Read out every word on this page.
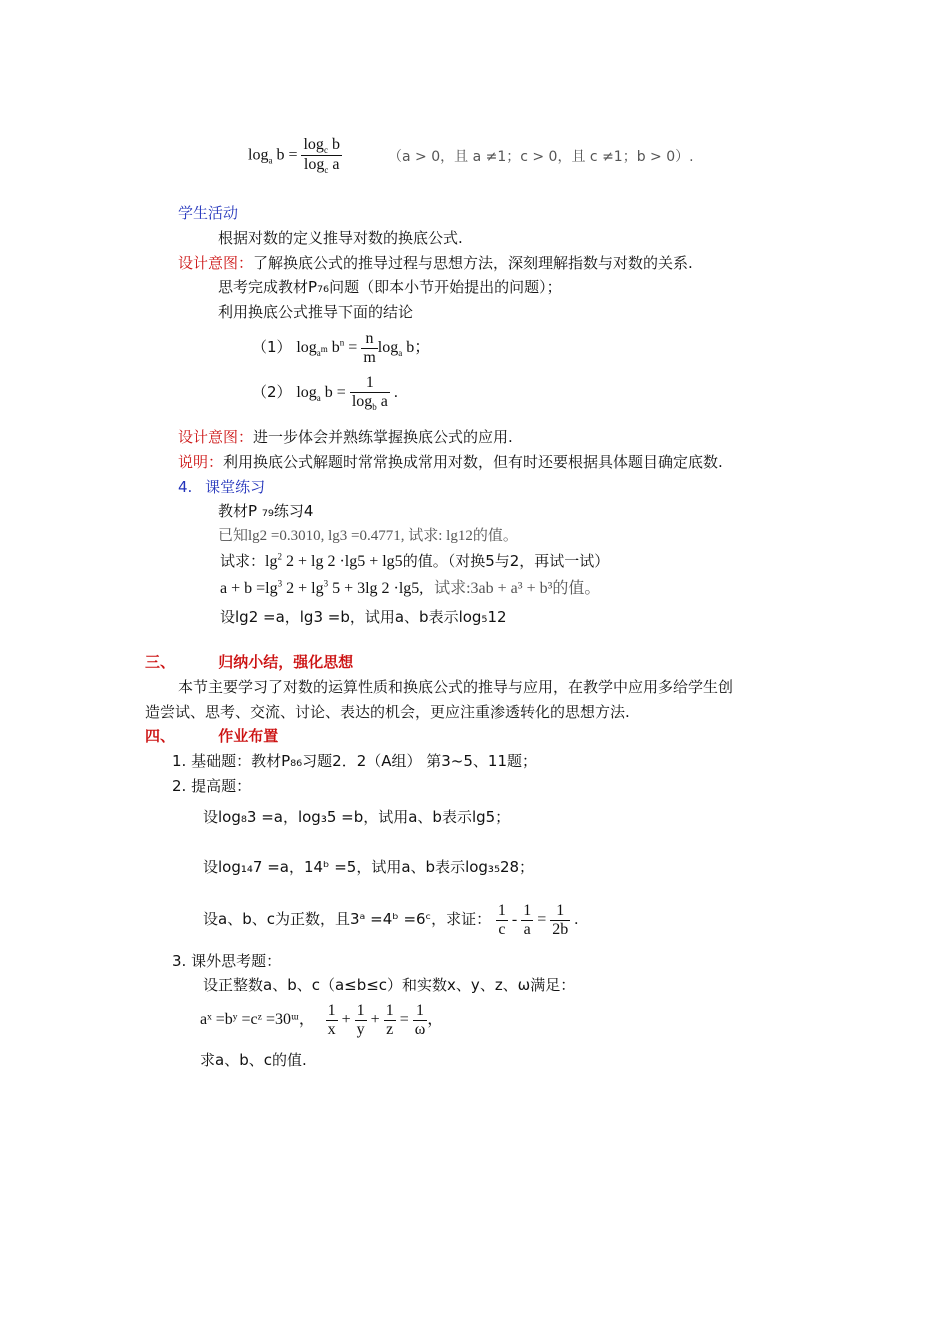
$\log_a b = \frac{\log_c b}{\log_c a}$	（a > 0，且 a ≠1；c > 0，且 c ≠1；b > 0）.
学生活动
根据对数的定义推导对数的换底公式.
设计意图：了解换底公式的推导过程与思想方法，深刻理解指数与对数的关系.
思考完成教材P₇₆问题（即本小节开始提出的问题）；
利用换底公式推导下面的结论
（1） $\log_{a^m} b^n = \frac{n}{m} \log_a b$；
（2） $\log_a b = \frac{1}{\log_b a}$ .
设计意图：进一步体会并熟练掌握换底公式的应用.
说明：利用换底公式解题时常常换成常用对数，但有时还要根据具体题目确定底数.
4. 课堂练习
教材P ₇₉练习4
已知lg2 =0.3010, lg3 =0.4771, 试求: lg12的值。
试求：$\lg^2 2 + \lg 2 \cdot\lg 5 + \lg 5$的值。（对换5与2，再试一试）
$a + b =\lg^3$ $2 + \lg^3 5 + 3\lg$ 2 ·lg5, 试求:3ab + a³ + b³的值。
设lg2 =a，lg3 =b，试用a、b表示log₅12
三、	归纳小结，强化思想
本节主要学习了对数的运算性质和换底公式的推导与应用，在教学中应用多给学生创
造尝试、思考、交流、讨论、表达的机会，更应注重渗透转化的思想方法.
四、	作业布置
1. 基础题：教材P₈₆习题2．2（A组） 第3~5、11题；
2. 提高题：
设log₈3 =a，log₃5 =b，试用a、b表示lg5；
设log₁₄7 =a，14ᵇ =5，试用a、b表示log₃₅28；
设a、b、c为正数，且3ᵃ =4ᵇ =6ᶜ，求证： $\frac{1}{c} - \frac{1}{a} = \frac{1}{2b}$ .
3. 课外思考题：
设正整数a、b、c（a≤b≤c）和实数x、y、z、ω满足：
aˣ =bʸ =cᶻ =30ᵚ， $\frac{1}{x} + \frac{1}{y} + \frac{1}{z} = \frac{1}{\omega}$ ，
求a、b、c的值.
